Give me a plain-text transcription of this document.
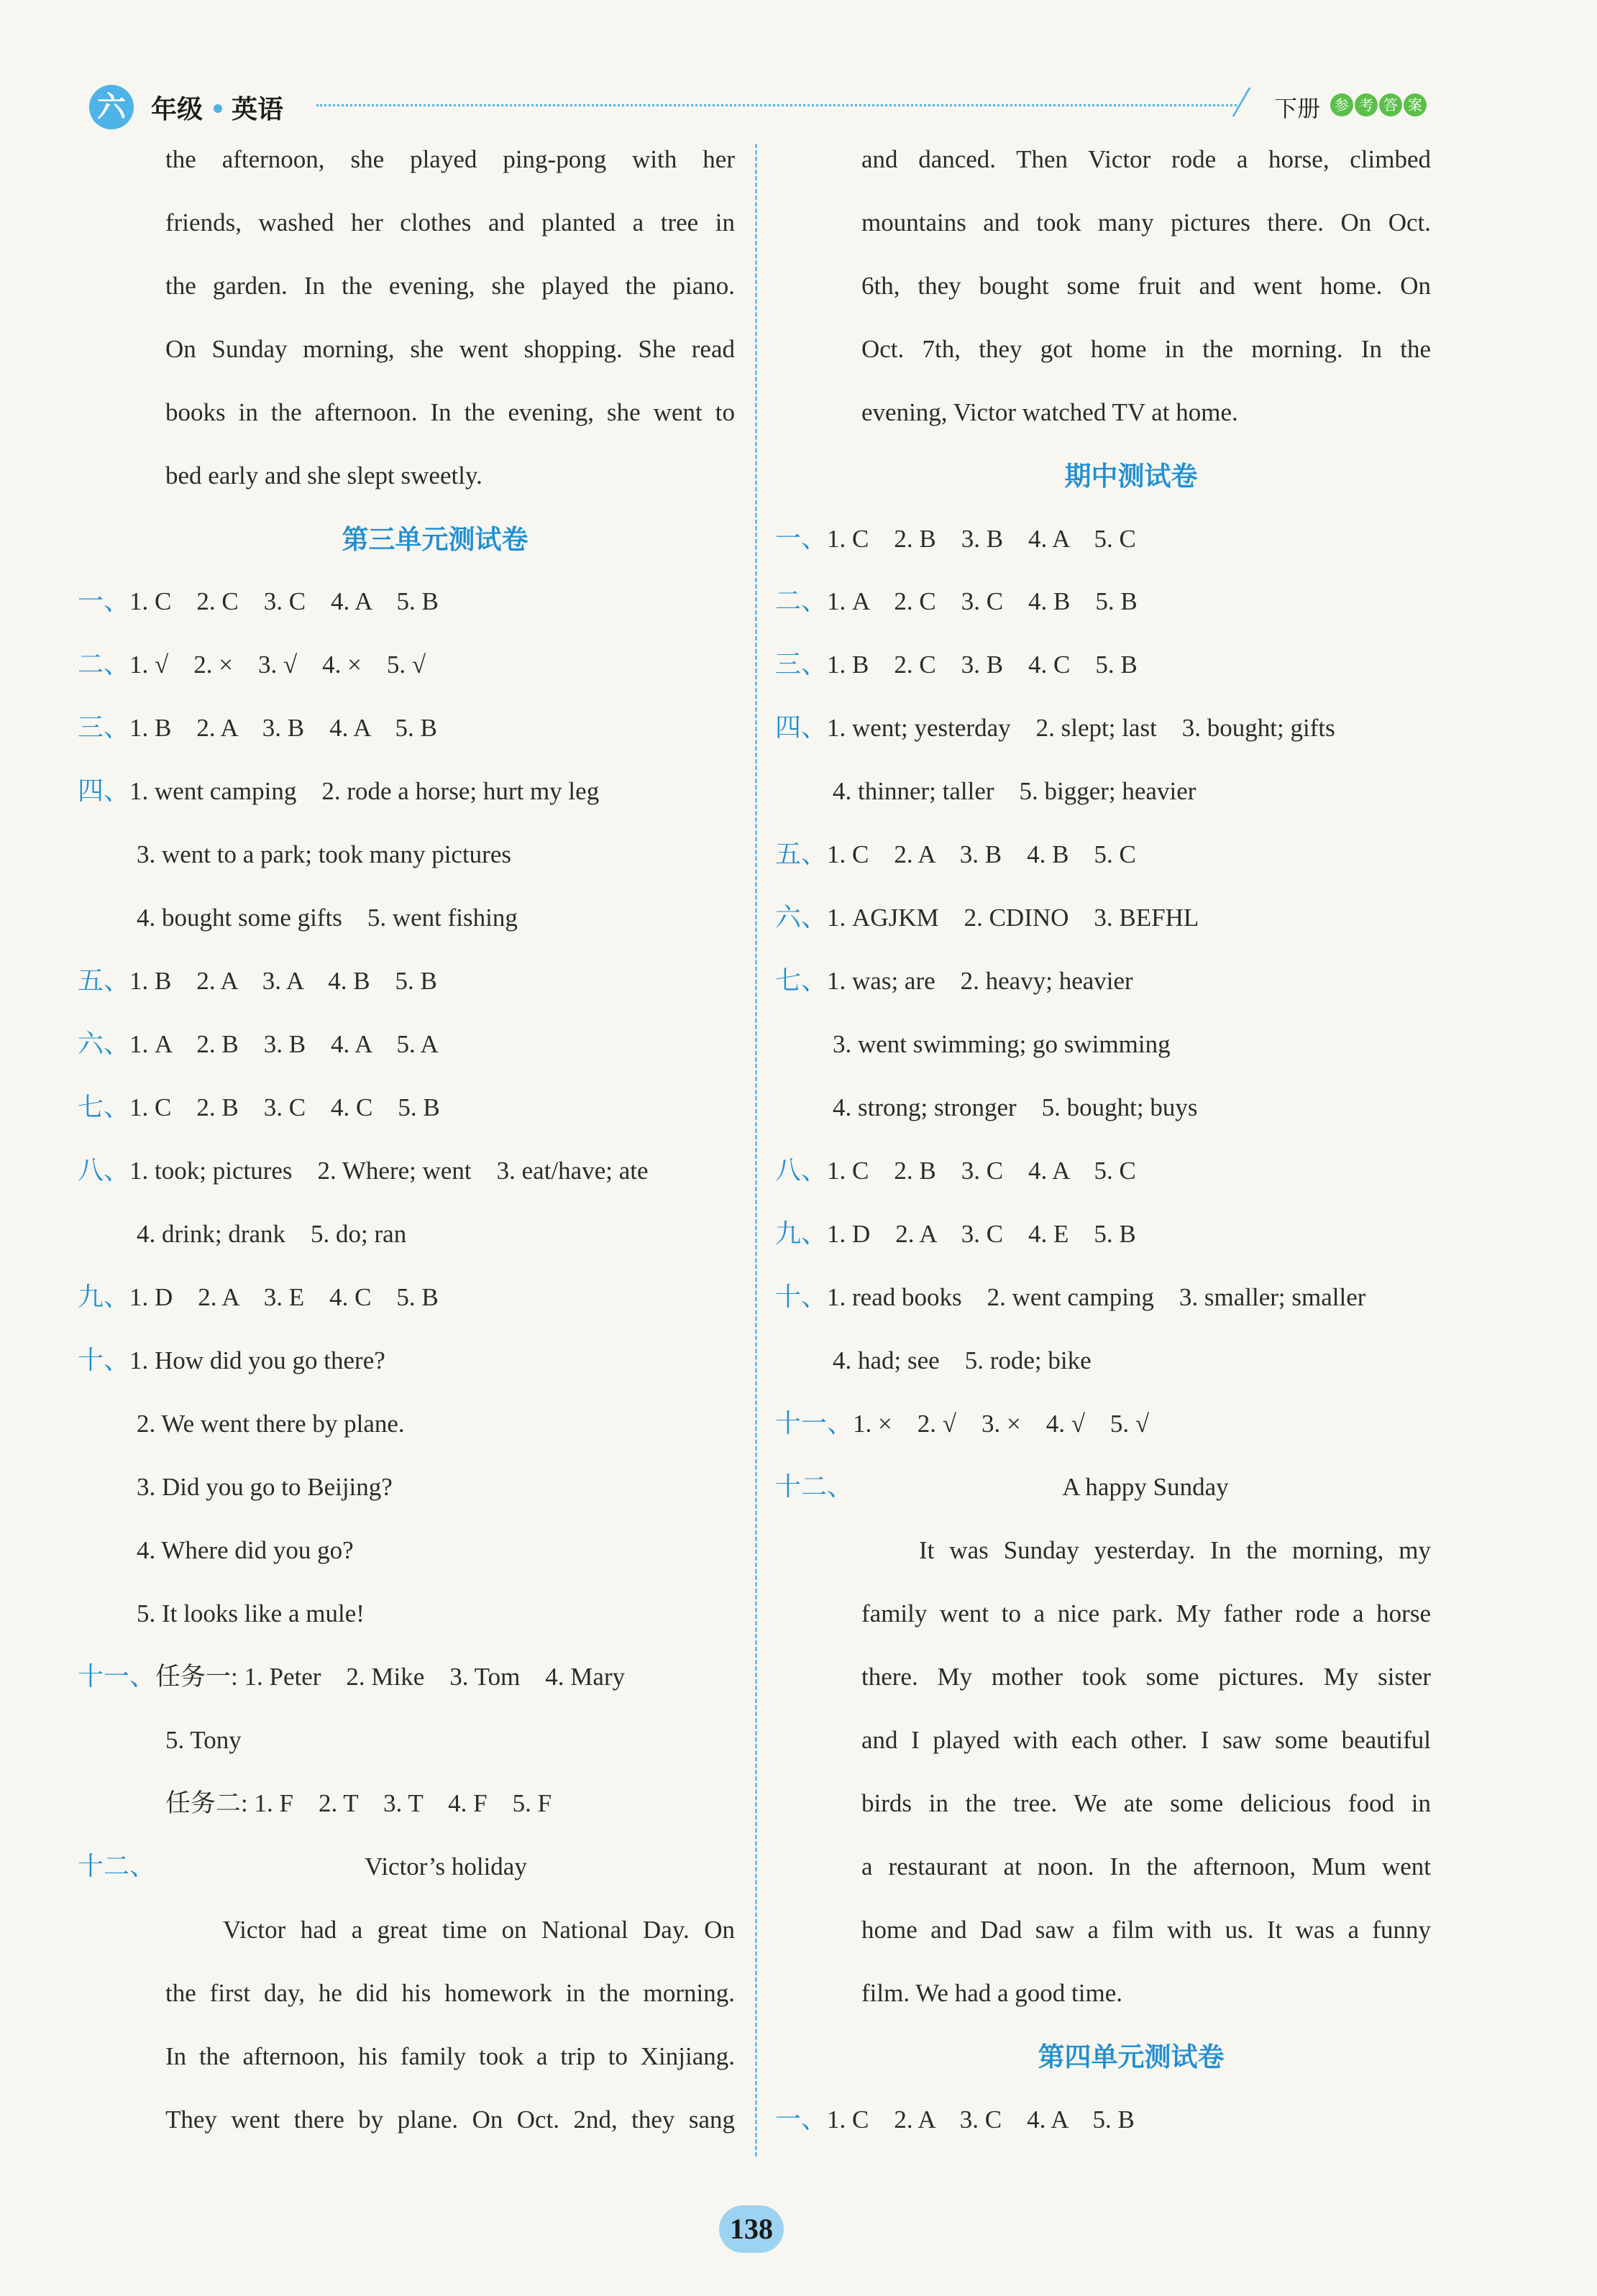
六 年级 英语	下册 参 考 答 案
the afternoon, she played ping-pong with her
friends, washed her clothes and planted a tree in
the garden. In the evening, she played the piano.
On Sunday morning, she went shopping. She read
books in the afternoon. In the evening, she went to
bed early and she slept sweetly.
第三单元测试卷
一、1. C    2. C    3. C    4. A    5. B
二、1. √    2. ×    3. √    4. ×    5. √
三、1. B    2. A    3. B    4. A    5. B
四、1. went camping    2. rode a horse; hurt my leg
3. went to a park; took many pictures
4. bought some gifts    5. went fishing
五、1. B    2. A    3. A    4. B    5. B
六、1. A    2. B    3. B    4. A    5. A
七、1. C    2. B    3. C    4. C    5. B
八、1. took; pictures    2. Where; went    3. eat/have; ate
4. drink; drank    5. do; ran
九、1. D    2. A    3. E    4. C    5. B
十、1. How did you go there?
2. We went there by plane.
3. Did you go to Beijing?
4. Where did you go?
5. It looks like a mule!
十一、任务一: 1. Peter    2. Mike    3. Tom    4. Mary
5. Tony
任务二: 1. F    2. T    3. T    4. F    5. F
十二、	Victor’s holiday
Victor had a great time on National Day. On
the first day, he did his homework in the morning.
In the afternoon, his family took a trip to Xinjiang.
They went there by plane. On Oct. 2nd, they sang
and danced. Then Victor rode a horse, climbed
mountains and took many pictures there. On Oct.
6th, they bought some fruit and went home. On
Oct. 7th, they got home in the morning. In the
evening, Victor watched TV at home.
期中测试卷
一、1. C    2. B    3. B    4. A    5. C
二、1. A    2. C    3. C    4. B    5. B
三、1. B    2. C    3. B    4. C    5. B
四、1. went; yesterday    2. slept; last    3. bought; gifts
4. thinner; taller    5. bigger; heavier
五、1. C    2. A    3. B    4. B    5. C
六、1. AGJKM    2. CDINO    3. BEFHL
七、1. was; are    2. heavy; heavier
3. went swimming; go swimming
4. strong; stronger    5. bought; buys
八、1. C    2. B    3. C    4. A    5. C
九、1. D    2. A    3. C    4. E    5. B
十、1. read books    2. went camping    3. smaller; smaller
4. had; see    5. rode; bike
十一、1. ×    2. √    3. ×    4. √    5. √
十二、	A happy Sunday
It was Sunday yesterday. In the morning, my
family went to a nice park. My father rode a horse
there. My mother took some pictures. My sister
and I played with each other. I saw some beautiful
birds in the tree. We ate some delicious food in
a restaurant at noon. In the afternoon, Mum went
home and Dad saw a film with us. It was a funny
film. We had a good time.
第四单元测试卷
一、1. C    2. A    3. C    4. A    5. B
138
